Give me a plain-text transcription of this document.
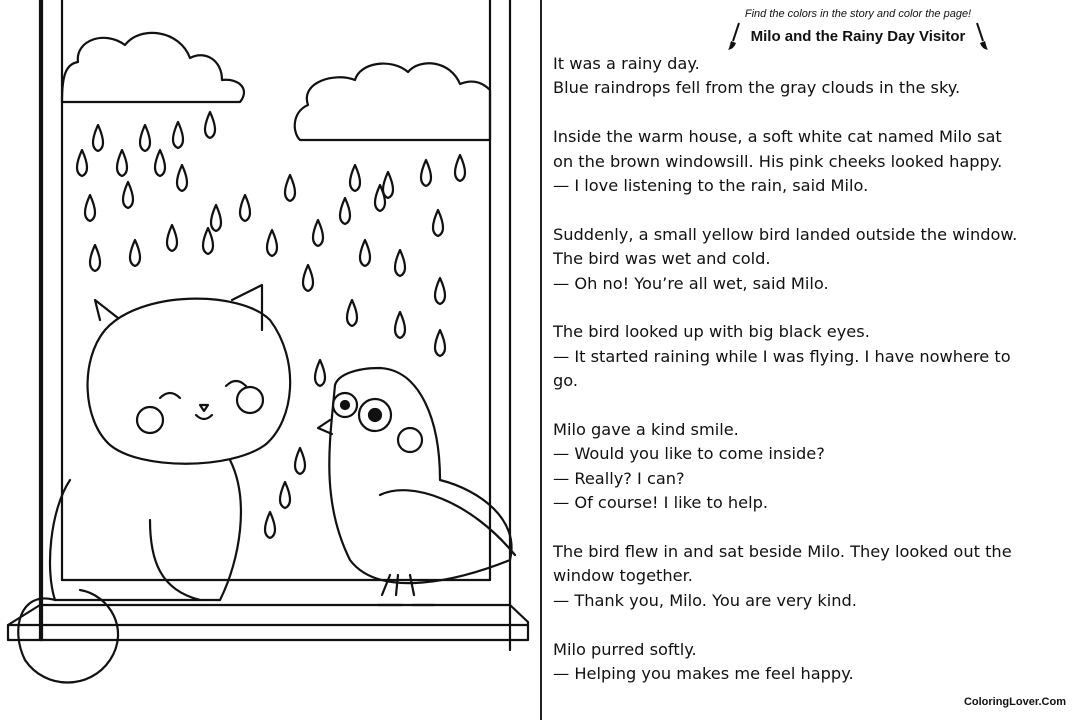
Find the colors in the story and color the page!
Milo and the Rainy Day Visitor

It was a rainy day.
Blue raindrops fell from the gray clouds in the sky.

Inside the warm house, a soft white cat named Milo sat
on the brown windowsill. His pink cheeks looked happy.
— I love listening to the rain, said Milo.

Suddenly, a small yellow bird landed outside the window.
The bird was wet and cold.
— Oh no! You’re all wet, said Milo.

The bird looked up with big black eyes.
— It started raining while I was flying. I have nowhere to
go.

Milo gave a kind smile.
— Would you like to come inside?
— Really? I can?
— Of course! I like to help.

The bird flew in and sat beside Milo. They looked out the
window together.
— Thank you, Milo. You are very kind.

Milo purred softly.
— Helping you makes me feel happy.

ColoringLover.Com
